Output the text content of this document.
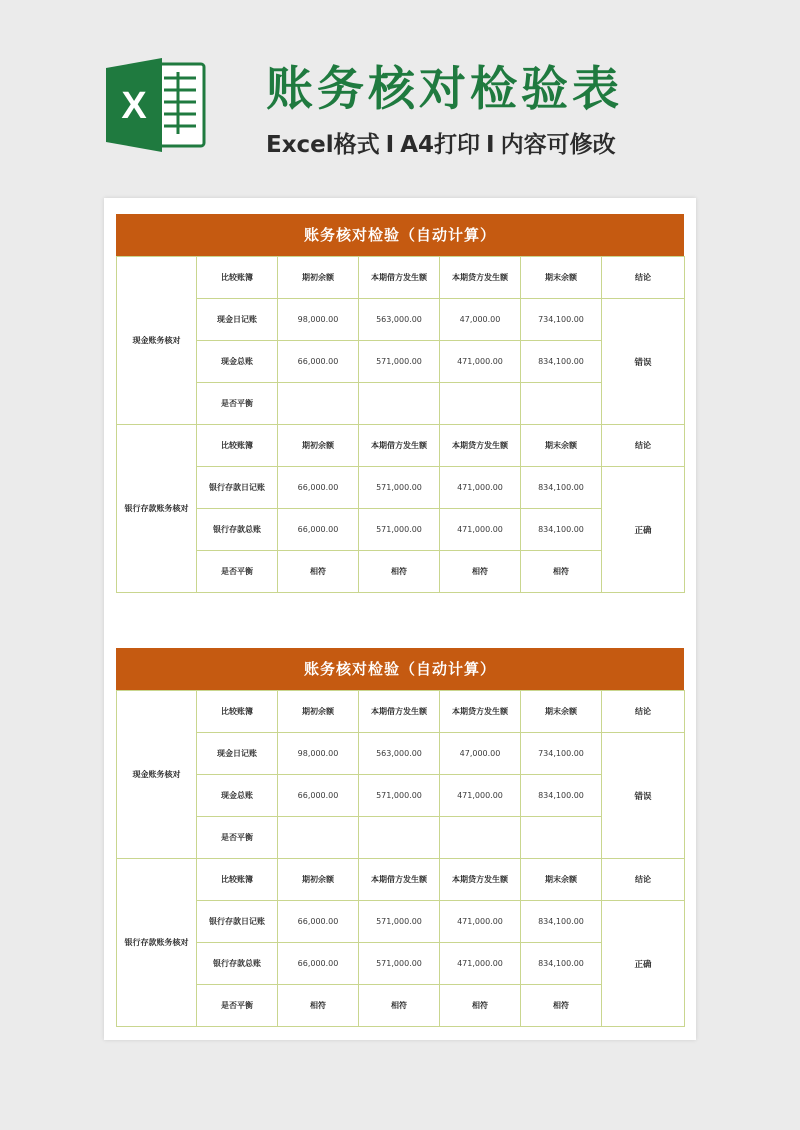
X	账务核对检验表
Excel格式 I A4打印 I 内容可修改
账务核对检验（自动计算）
现金账务核对	比较账簿	期初余额	本期借方发生额	本期贷方发生额	期末余额	结论
	现金日记账	98,000.00	563,000.00	47,000.00	734,100.00	错误
	现金总账	66,000.00	571,000.00	471,000.00	834,100.00	
	是否平衡					
银行存款账务核对	比较账簿	期初余额	本期借方发生额	本期贷方发生额	期末余额	结论
	银行存款日记账	66,000.00	571,000.00	471,000.00	834,100.00	正确
	银行存款总账	66,000.00	571,000.00	471,000.00	834,100.00	
	是否平衡	相符	相符	相符	相符	
账务核对检验（自动计算）
现金账务核对	比较账簿	期初余额	本期借方发生额	本期贷方发生额	期末余额	结论
	现金日记账	98,000.00	563,000.00	47,000.00	734,100.00	错误
	现金总账	66,000.00	571,000.00	471,000.00	834,100.00	
	是否平衡					
银行存款账务核对	比较账簿	期初余额	本期借方发生额	本期贷方发生额	期末余额	结论
	银行存款日记账	66,000.00	571,000.00	471,000.00	834,100.00	正确
	银行存款总账	66,000.00	571,000.00	471,000.00	834,100.00	
	是否平衡	相符	相符	相符	相符	
